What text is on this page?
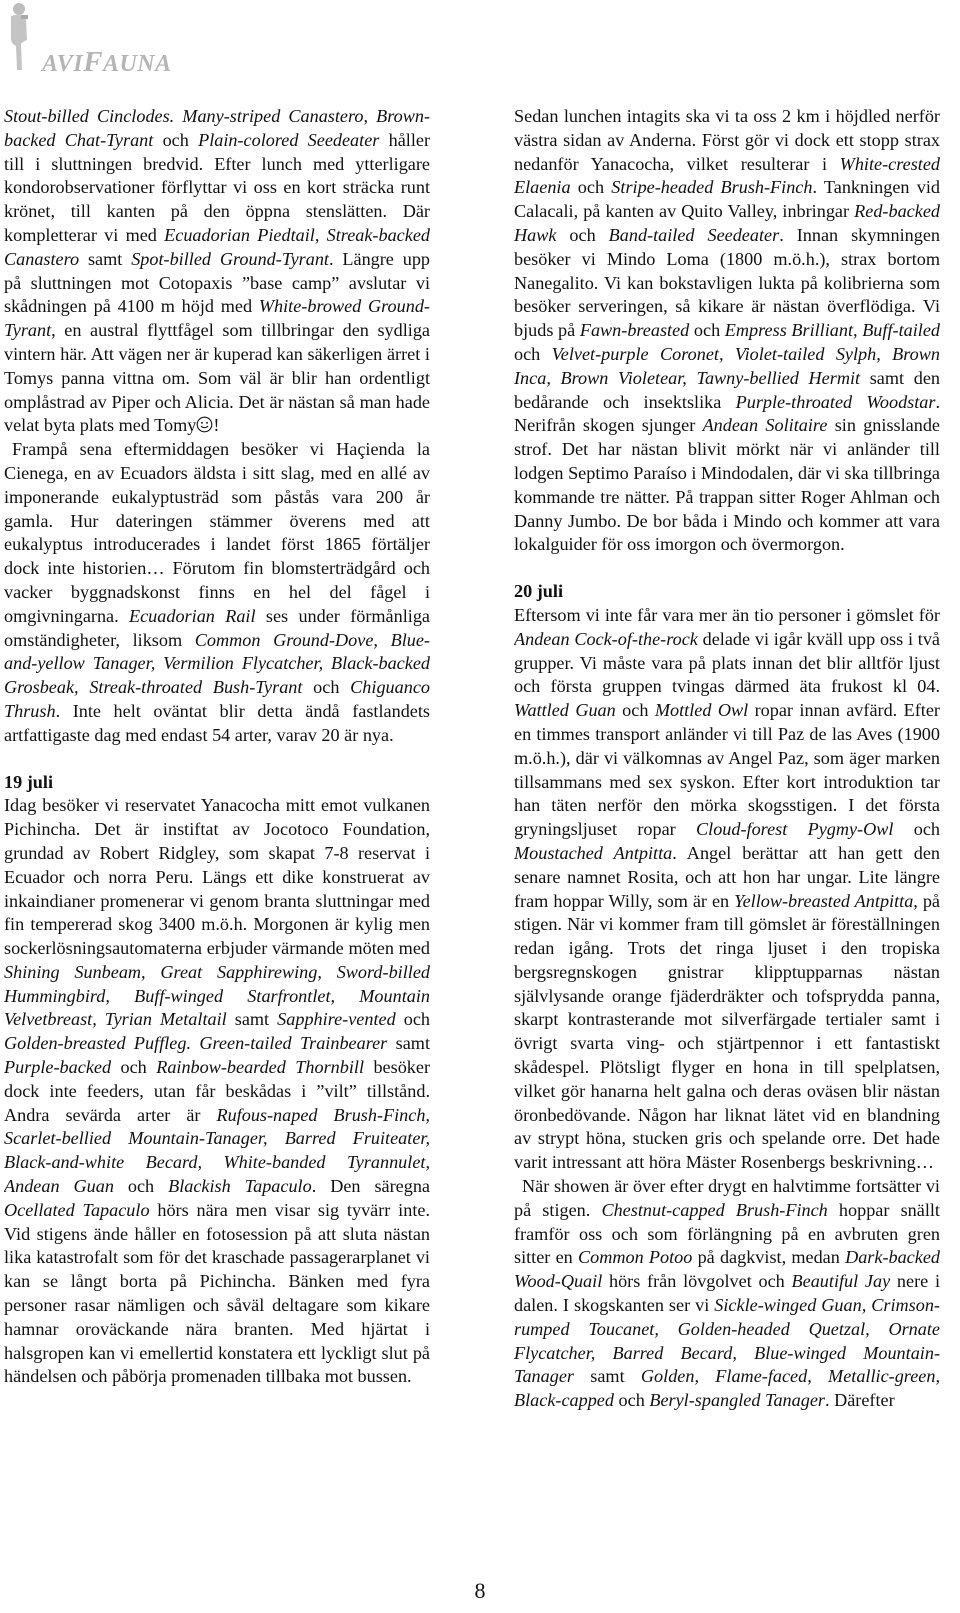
AVIFAUNA

Stout-billed Cinclodes. Many-striped Canastero, Brown-backed Chat-Tyrant och Plain-colored Seedeater håller till i sluttningen bredvid. Efter lunch med ytterligare kondorobservationer förflyttar vi oss en kort sträcka runt krönet, till kanten på den öppna stenslätten. Där kompletterar vi med Ecuadorian Piedtail, Streak-backed Canastero samt Spot-billed Ground-Tyrant. Längre upp på sluttningen mot Cotopaxis ”base camp” avslutar vi skådningen på 4100 m höjd med White-browed Ground-Tyrant, en austral flyttfågel som tillbringar den sydliga vintern här. Att vägen ner är kuperad kan säkerligen ärret i Tomys panna vittna om. Som väl är blir han ordentligt omplåstrad av Piper och Alicia. Det är nästan så man hade velat byta plats med Tomy !

Frampå sena eftermiddagen besöker vi Haçienda la Cienega, en av Ecuadors äldsta i sitt slag, med en allé av imponerande eukalyptusträd som påstås vara 200 år gamla. Hur dateringen stämmer överens med att eukalyptus introducerades i landet först 1865 förtäljer dock inte historien… Förutom fin blomsterträdgård och vacker byggnadskonst finns en hel del fågel i omgivningarna. Ecuadorian Rail ses under förmånliga omständigheter, liksom Common Ground-Dove, Blue-and-yellow Tanager, Vermilion Flycatcher, Black-backed Grosbeak, Streak-throated Bush-Tyrant och Chiguanco Thrush. Inte helt oväntat blir detta ändå fastlandets artfattigaste dag med endast 54 arter, varav 20 är nya.

19 juli

Idag besöker vi reservatet Yanacocha mitt emot vulkanen Pichincha. Det är instiftat av Jocotoco Foundation, grundad av Robert Ridgley, som skapat 7-8 reservat i Ecuador och norra Peru. Längs ett dike konstruerat av inkaindianer promenerar vi genom branta sluttningar med fin tempererad skog 3400 m.ö.h. Morgonen är kylig men sockerlösningsautomaterna erbjuder värmande möten med Shining Sunbeam, Great Sapphirewing, Sword-billed Hummingbird, Buff-winged Starfrontlet, Mountain Velvetbreast, Tyrian Metaltail samt Sapphire-vented och Golden-breasted Puffleg. Green-tailed Trainbearer samt Purple-backed och Rainbow-bearded Thornbill besöker dock inte feeders, utan får beskådas i ”vilt” tillstånd. Andra sevärda arter är Rufous-naped Brush-Finch, Scarlet-bellied Mountain-Tanager, Barred Fruiteater, Black-and-white Becard, White-banded Tyrannulet, Andean Guan och Blackish Tapaculo. Den säregna Ocellated Tapaculo hörs nära men visar sig tyvärr inte. Vid stigens ände håller en fotosession på att sluta nästan lika katastrofalt som för det kraschade passagerarplanet vi kan se långt borta på Pichincha. Bänken med fyra personer rasar nämligen och såväl deltagare som kikare hamnar oroväckande nära branten. Med hjärtat i halsgropen kan vi emellertid konstatera ett lyckligt slut på händelsen och påbörja promenaden tillbaka mot bussen.

Sedan lunchen intagits ska vi ta oss 2 km i höjdled nerför västra sidan av Anderna. Först gör vi dock ett stopp strax nedanför Yanacocha, vilket resulterar i White-crested Elaenia och Stripe-headed Brush-Finch. Tankningen vid Calacali, på kanten av Quito Valley, inbringar Red-backed Hawk och Band-tailed Seedeater. Innan skymningen besöker vi Mindo Loma (1800 m.ö.h.), strax bortom Nanegalito. Vi kan bokstavligen lukta på kolibrierna som besöker serveringen, så kikare är nästan överflödiga. Vi bjuds på Fawn-breasted och Empress Brilliant, Buff-tailed och Velvet-purple Coronet, Violet-tailed Sylph, Brown Inca, Brown Violetear, Tawny-bellied Hermit samt den bedårande och insektslika Purple-throated Woodstar. Nerifrån skogen sjunger Andean Solitaire sin gnisslande strof. Det har nästan blivit mörkt när vi anländer till lodgen Septimo Paraíso i Mindodalen, där vi ska tillbringa kommande tre nätter. På trappan sitter Roger Ahlman och Danny Jumbo. De bor båda i Mindo och kommer att vara lokalguider för oss imorgon och övermorgon.

20 juli

Eftersom vi inte får vara mer än tio personer i gömslet för Andean Cock-of-the-rock delade vi igår kväll upp oss i två grupper. Vi måste vara på plats innan det blir alltför ljust och första gruppen tvingas därmed äta frukost kl 04. Wattled Guan och Mottled Owl ropar innan avfärd. Efter en timmes transport anländer vi till Paz de las Aves (1900 m.ö.h.), där vi välkomnas av Angel Paz, som äger marken tillsammans med sex syskon. Efter kort introduktion tar han täten nerför den mörka skogsstigen. I det första gryningsljuset ropar Cloud-forest Pygmy-Owl och Moustached Antpitta. Angel berättar att han gett den senare namnet Rosita, och att hon har ungar. Lite längre fram hoppar Willy, som är en Yellow-breasted Antpitta, på stigen. När vi kommer fram till gömslet är föreställningen redan igång. Trots det ringa ljuset i den tropiska bergsregnskogen gnistrar klipptupparnas nästan självlysande orange fjäderdräkter och tofsprydda panna, skarpt kontrasterande mot silverfärgade tertialer samt i övrigt svarta ving- och stjärtpennor i ett fantastiskt skådespel. Plötsligt flyger en hona in till spelplatsen, vilket gör hanarna helt galna och deras oväsen blir nästan öronbedövande. Någon har liknat lätet vid en blandning av strypt höna, stucken gris och spelande orre. Det hade varit intressant att höra Mäster Rosenbergs beskrivning…

När showen är över efter drygt en halvtimme fortsätter vi på stigen. Chestnut-capped Brush-Finch hoppar snällt framför oss och som förlängning på en avbruten gren sitter en Common Potoo på dagkvist, medan Dark-backed Wood-Quail hörs från lövgolvet och Beautiful Jay nere i dalen. I skogskanten ser vi Sickle-winged Guan, Crimson-rumped Toucanet, Golden-headed Quetzal, Ornate Flycatcher, Barred Becard, Blue-winged Mountain-Tanager samt Golden, Flame-faced, Metallic-green, Black-capped och Beryl-spangled Tanager. Därefter

8
